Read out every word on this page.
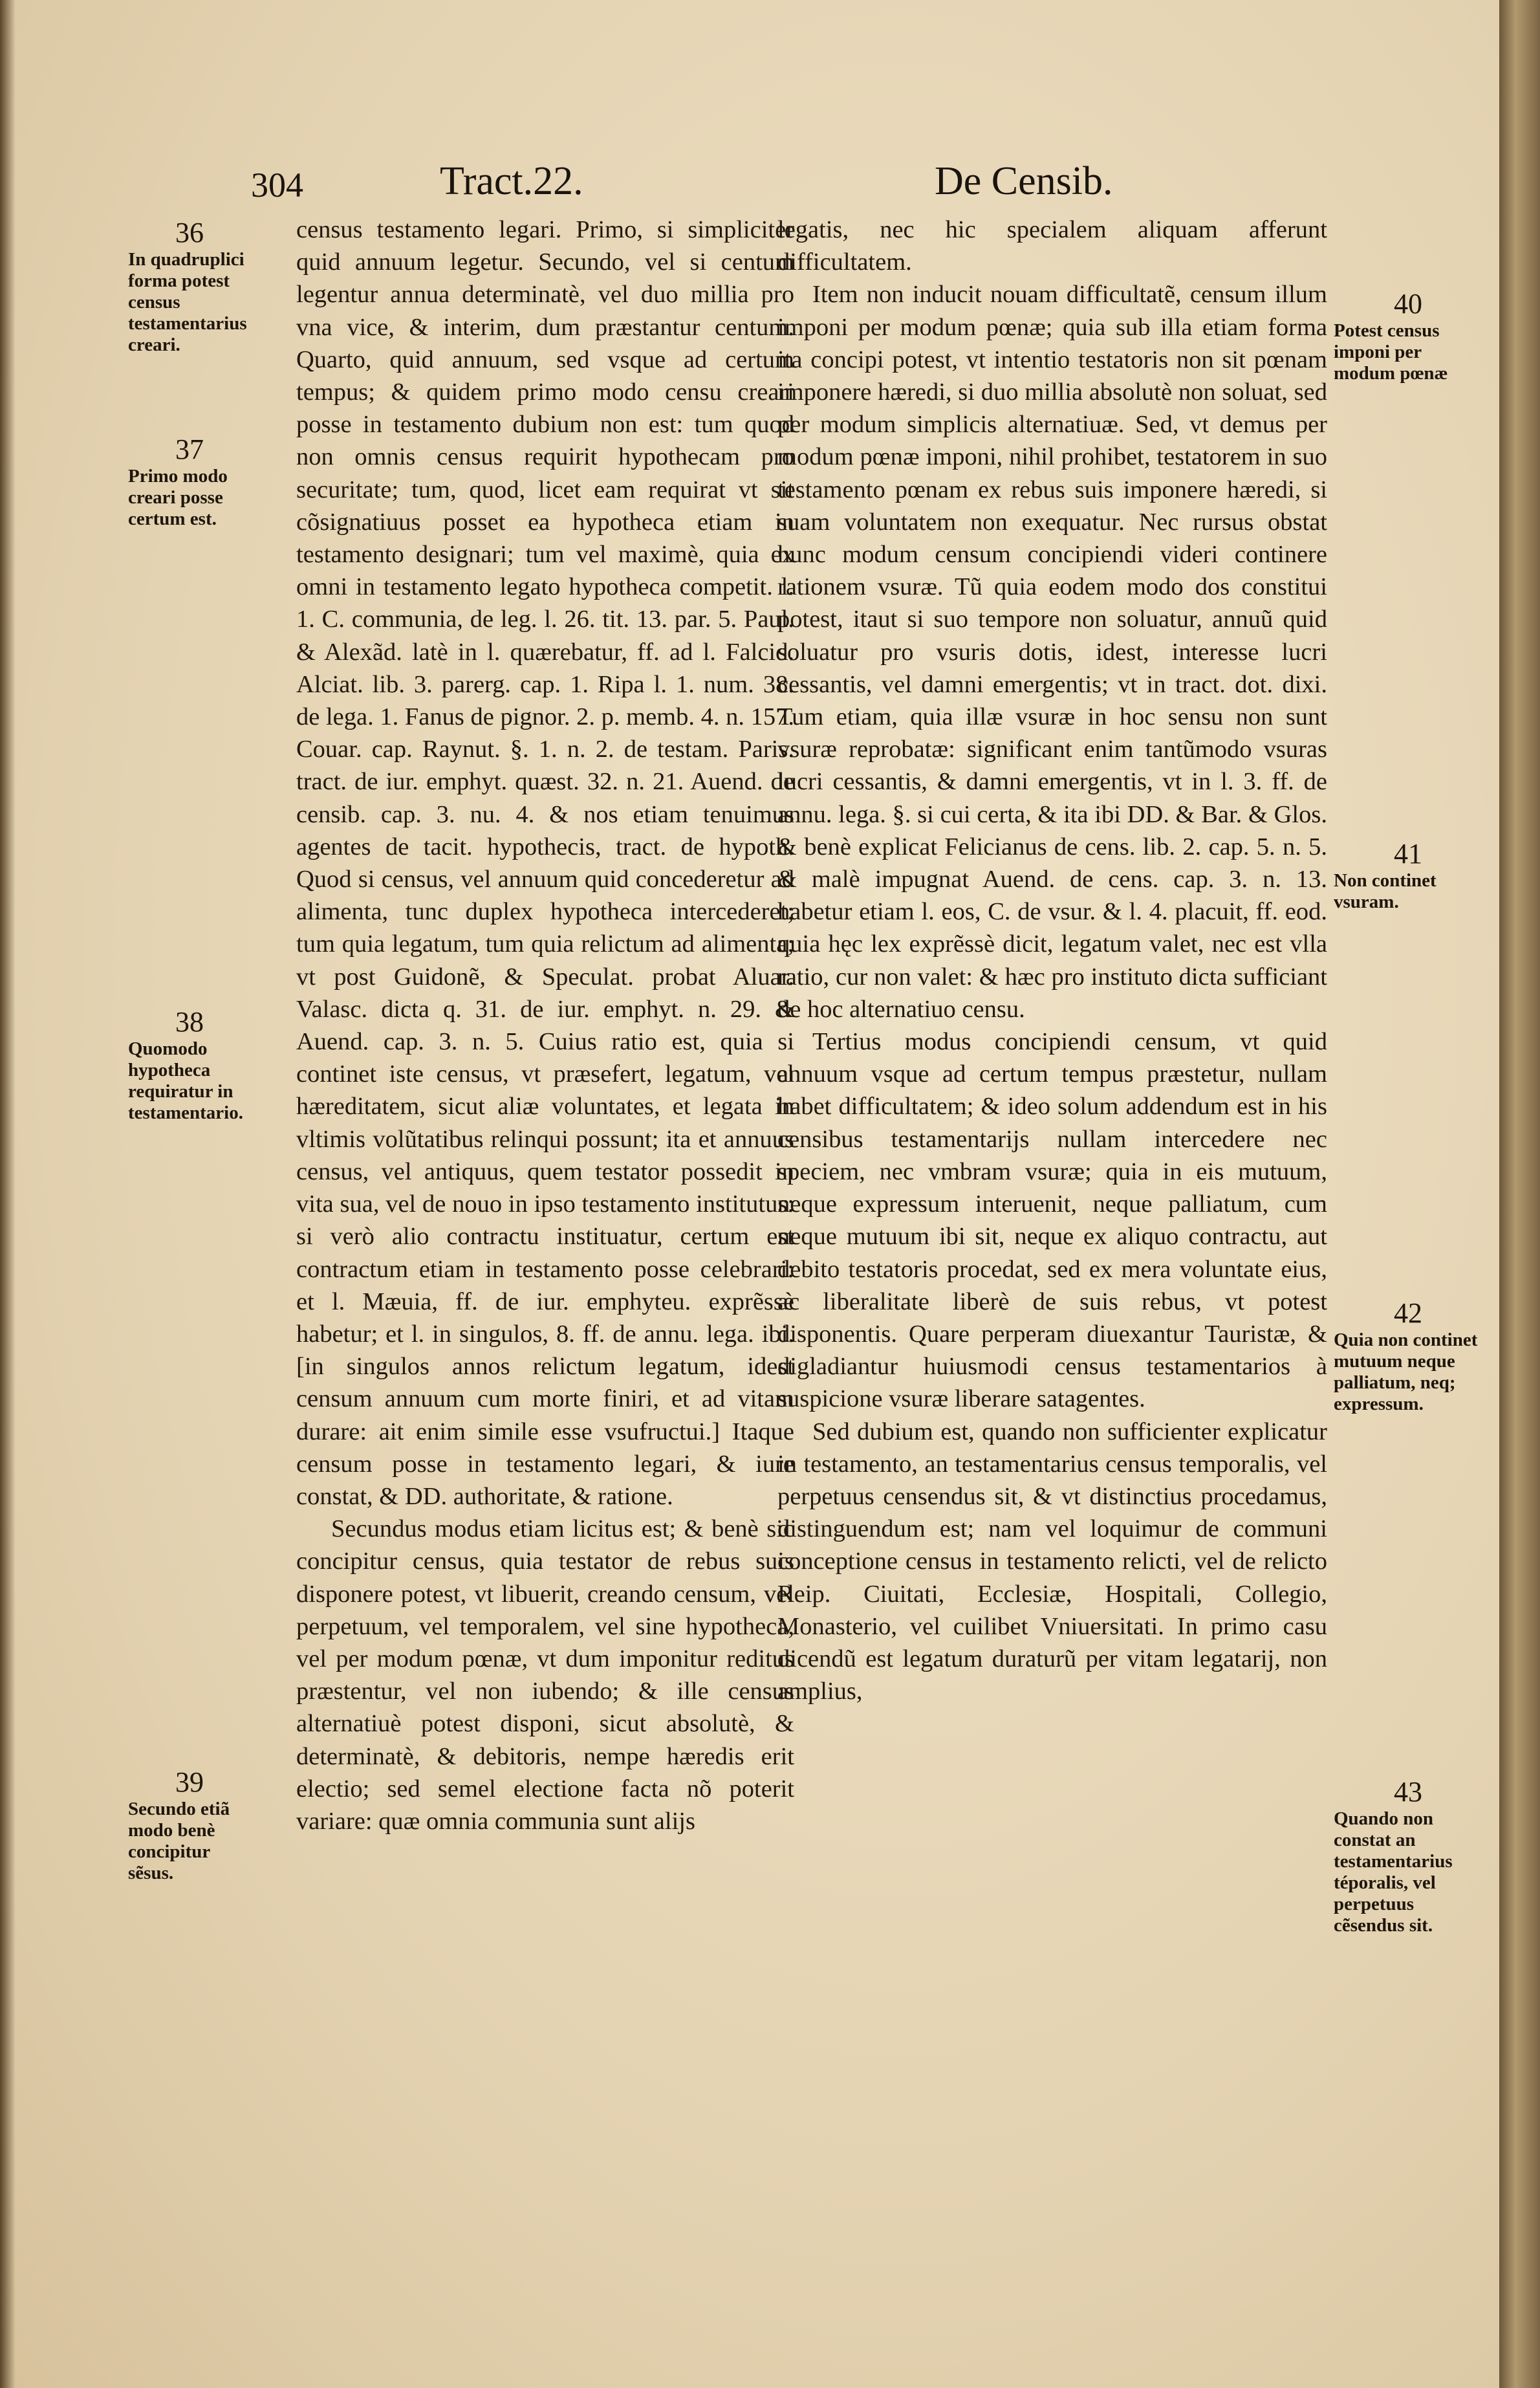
304	Tract.22.	De Censib.

census testamento legari. Primo, si simpliciter quid annuum legetur. Secundo, vel si centum legentur annua determinatè, vel duo millia pro vna vice, & interim, dum præstantur centum. Quarto, quid annuum, sed vsque ad certum tempus; & quidem primo modo censu creari posse in testamento dubium non est: tum quod non omnis census requirit hypothecam pro securitate; tum, quod, licet eam requirat vt sit cõsignatiuus posset ea hypotheca etiam in testamento designari; tum vel maximè, quia ex omni in testamento legato hypotheca competit. l. 1. C. communia, de leg. l. 26. tit. 13. par. 5. Paul. & Alexãd. latè in l. quærebatur, ff. ad l. Falcid. Alciat. lib. 3. parerg. cap. 1. Ripa l. 1. num. 38. de lega. 1. Fanus de pignor. 2. p. memb. 4. n. 157. Couar. cap. Raynut. §. 1. n. 2. de testam. Paris. tract. de iur. emphyt. quæst. 32. n. 21. Auend. de censib. cap. 3. nu. 4. & nos etiam tenuimus agentes de tacit. hypothecis, tract. de hypoth. Quod si census, vel annuum quid concederetur ad alimenta, tunc duplex hypotheca intercederet; tum quia legatum, tum quia relictum ad alimenta; vt post Guidonẽ, & Speculat. probat Aluar. Valasc. dicta q. 31. de iur. emphyt. n. 29. & Auend. cap. 3. n. 5. Cuius ratio est, quia si continet iste census, vt præsefert, legatum, vel hæreditatem, sicut aliæ voluntates, et legata in vltimis volũtatibus relinqui possunt; ita et annuus census, vel antiquus, quem testator possedit in vita sua, vel de nouo in ipso testamento institutus: si verò alio contractu instituatur, certum est contractum etiam in testamento posse celebrari: et l. Mæuia, ff. de iur. emphyteu. exprẽssè habetur; et l. in singulos, 8. ff. de annu. lega. ibi. [in singulos annos relictum legatum, idest censum annuum cum morte finiri, et ad vitam durare: ait enim simile esse vsufructui.] Itaque censum posse in testamento legari, & iure constat, & DD. authoritate, & ratione.

Secundus modus etiam licitus est; & benè sic concipitur census, quia testator de rebus suis disponere potest, vt libuerit, creando censum, vel perpetuum, vel temporalem, vel sine hypotheca, vel per modum pœnæ, vt dum imponitur reditus præstentur, vel non iubendo; & ille census alternatiuè potest disponi, sicut absolutè, & determinatè, & debitoris, nempe hæredis erit electio; sed semel electione facta nõ poterit variare: quæ omnia communia sunt alijs

legatis, nec hic specialem aliquam afferunt difficultatem.

Item non inducit nouam difficultatẽ, censum illum imponi per modum pœnæ; quia sub illa etiam forma ita concipi potest, vt intentio testatoris non sit pœnam imponere hæredi, si duo millia absolutè non soluat, sed per modum simplicis alternatiuæ. Sed, vt demus per modum pœnæ imponi, nihil prohibet, testatorem in suo testamento pœnam ex rebus suis imponere hæredi, si suam voluntatem non exequatur. Nec rursus obstat hunc modum censum concipiendi videri continere rationem vsuræ. Tũ quia eodem modo dos constitui potest, itaut si suo tempore non soluatur, annuũ quid soluatur pro vsuris dotis, idest, interesse lucri cessantis, vel damni emergentis; vt in tract. dot. dixi. Tum etiam, quia illæ vsuræ in hoc sensu non sunt vsuræ reprobatæ: significant enim tantũmodo vsuras lucri cessantis, & damni emergentis, vt in l. 3. ff. de annu. lega. §. si cui certa, & ita ibi DD. & Bar. & Glos. & benè explicat Felicianus de cens. lib. 2. cap. 5. n. 5. & malè impugnat Auend. de cens. cap. 3. n. 13. habetur etiam l. eos, C. de vsur. & l. 4. placuit, ff. eod. quia hęc lex exprẽssè dicit, legatum valet, nec est vlla ratio, cur non valet: & hæc pro instituto dicta sufficiant de hoc alternatiuo censu.

Tertius modus concipiendi censum, vt quid annuum vsque ad certum tempus præstetur, nullam habet difficultatem; & ideo solum addendum est in his censibus testamentarijs nullam intercedere nec speciem, nec vmbram vsuræ; quia in eis mutuum, neque expressum interuenit, neque palliatum, cum neque mutuum ibi sit, neque ex aliquo contractu, aut debito testatoris procedat, sed ex mera voluntate eius, ac liberalitate liberè de suis rebus, vt potest disponentis. Quare perperam diuexantur Tauristæ, & digladiantur huiusmodi census testamentarios à suspicione vsuræ liberare satagentes.

Sed dubium est, quando non sufficienter explicatur in testamento, an testamentarius census temporalis, vel perpetuus censendus sit, & vt distinctius procedamus, distinguendum est; nam vel loquimur de communi conceptione census in testamento relicti, vel de relicto Reip. Ciuitati, Ecclesiæ, Hospitali, Collegio, Monasterio, vel cuilibet Vniuersitati. In primo casu dicendũ est legatum duraturũ per vitam legatarij, non amplius,

36
In quadruplici forma potest census testamentarius creari.
37
Primo modo creari posse certum est.
38
Quomodo hypotheca requiratur in testamentario.
39
Secundo etiã modo benè concipitur sẽsus.
40
Potest census imponi per modum pœnæ
41
Non continet vsuram.
42
Quia non continet mutuum neque palliatum, neq; expressum.
43
Quando non constat an testamentarius téporalis, vel perpetuus cẽsendus sit.
